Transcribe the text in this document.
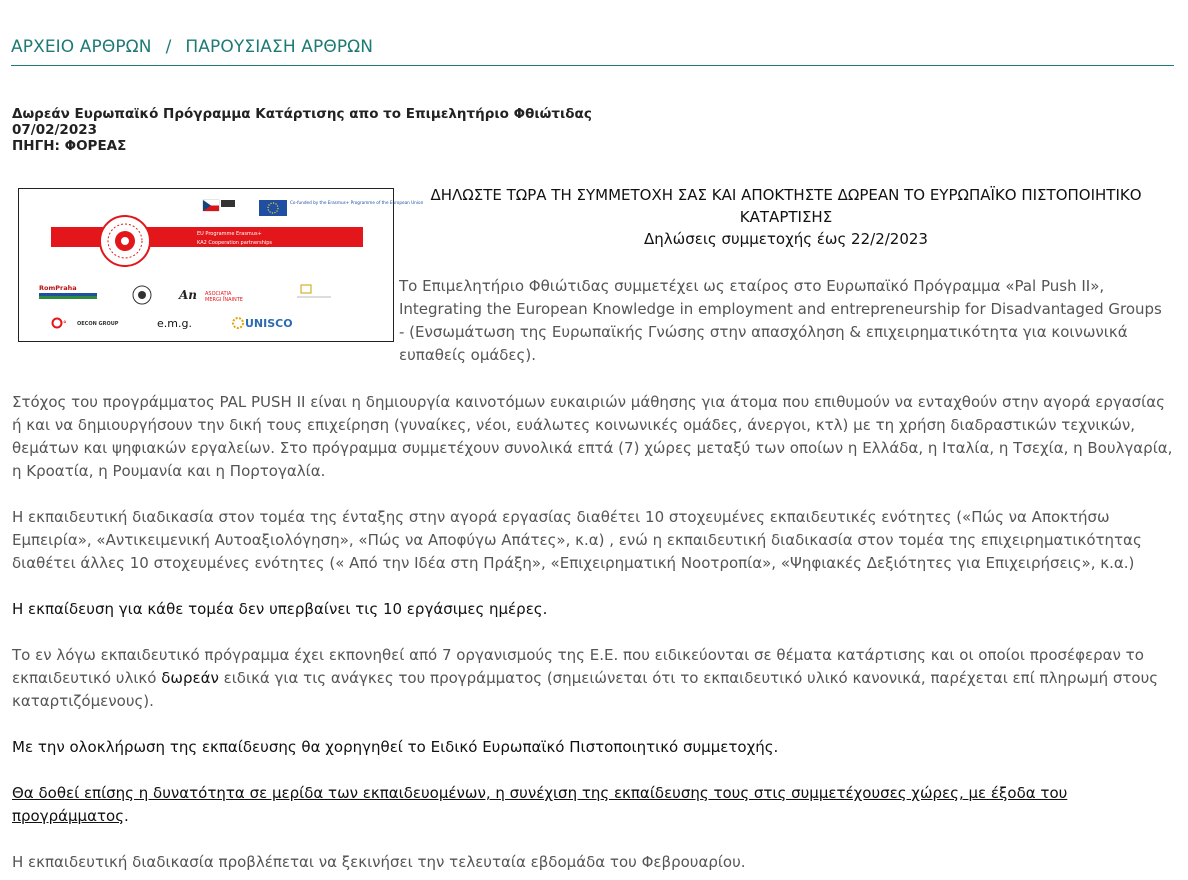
ΑΡΧΕΙΟ ΑΡΘΡΩΝ / ΠΑΡΟΥΣΙΑΣΗ ΑΡΘΡΩΝ
Δωρεάν Ευρωπαϊκό Πρόγραμμα Κατάρτισης απο το Επιμελητήριο Φθιώτιδας
07/02/2023
ΠΗΓΗ: ΦΟΡΕΑΣ
Co-funded by the Erasmus+ Programme of the European Union
EU Programme Erasmus+
KA2 Cooperation partnerships
RomPraha	An ASOCIAȚIA
MERGI ÎNAINTE
° OECON GROUP	e.m.g.	UNISCO
ΔΗΛΩΣΤΕ ΤΩΡΑ ΤΗ ΣΥΜΜΕΤΟΧΗ ΣΑΣ ΚΑΙ ΑΠΟΚΤΗΣΤΕ ΔΩΡΕΑΝ ΤΟ ΕΥΡΩΠΑΪΚΟ ΠΙΣΤΟΠΟΙΗΤΙΚΟ ΚΑΤΑΡΤΙΣΗΣ
Δηλώσεις συμμετοχής έως 22/2/2023
Το Επιμελητήριο Φθιώτιδας συμμετέχει ως εταίρος στο Ευρωπαϊκό Πρόγραμμα «Pal Push II», Integrating the European Knowledge in employment and entrepreneurship for Disadvantaged Groups - (Ενσωμάτωση της Ευρωπαϊκής Γνώσης στην απασχόληση & επιχειρηματικότητα για κοινωνικά ευπαθείς ομάδες).
Στόχος του προγράμματος PAL PUSH II είναι η δημιουργία καινοτόμων ευκαιριών μάθησης για άτομα που επιθυμούν να ενταχθούν στην αγορά εργασίας ή και να δημιουργήσουν την δική τους επιχείρηση (γυναίκες, νέοι, ευάλωτες κοινωνικές ομάδες, άνεργοι, κτλ) με τη χρήση διαδραστικών τεχνικών, θεμάτων και ψηφιακών εργαλείων. Στο πρόγραμμα συμμετέχουν συνολικά επτά (7) χώρες μεταξύ των οποίων η Ελλάδα, η Ιταλία, η Τσεχία, η Βουλγαρία, η Κροατία, η Ρουμανία και η Πορτογαλία.
Η εκπαιδευτική διαδικασία στον τομέα της ένταξης στην αγορά εργασίας διαθέτει 10 στοχευμένες εκπαιδευτικές ενότητες («Πώς να Αποκτήσω Εμπειρία», «Αντικειμενική Αυτοαξιολόγηση», «Πώς να Αποφύγω Απάτες», κ.α) , ενώ η εκπαιδευτική διαδικασία στον τομέα της επιχειρηματικότητας διαθέτει άλλες 10 στοχευμένες ενότητες (« Από την Ιδέα στη Πράξη», «Επιχειρηματική Νοοτροπία», «Ψηφιακές Δεξιότητες για Επιχειρήσεις», κ.α.)
Η εκπαίδευση για κάθε τομέα δεν υπερβαίνει τις 10 εργάσιμες ημέρες.
Το εν λόγω εκπαιδευτικό πρόγραμμα έχει εκπονηθεί από 7 οργανισμούς της Ε.Ε. που ειδικεύονται σε θέματα κατάρτισης και οι οποίοι προσέφεραν το εκπαιδευτικό υλικό δωρεάν ειδικά για τις ανάγκες του προγράμματος (σημειώνεται ότι το εκπαιδευτικό υλικό κανονικά, παρέχεται επί πληρωμή στους καταρτιζόμενους).
Με την ολοκλήρωση της εκπαίδευσης θα χορηγηθεί το Ειδικό Ευρωπαϊκό Πιστοποιητικό συμμετοχής.
Θα δοθεί επίσης η δυνατότητα σε μερίδα των εκπαιδευομένων, η συνέχιση της εκπαίδευσης τους στις συμμετέχουσες χώρες, με έξοδα του προγράμματος.
Η εκπαιδευτική διαδικασία προβλέπεται να ξεκινήσει την τελευταία εβδομάδα του Φεβρουαρίου.
